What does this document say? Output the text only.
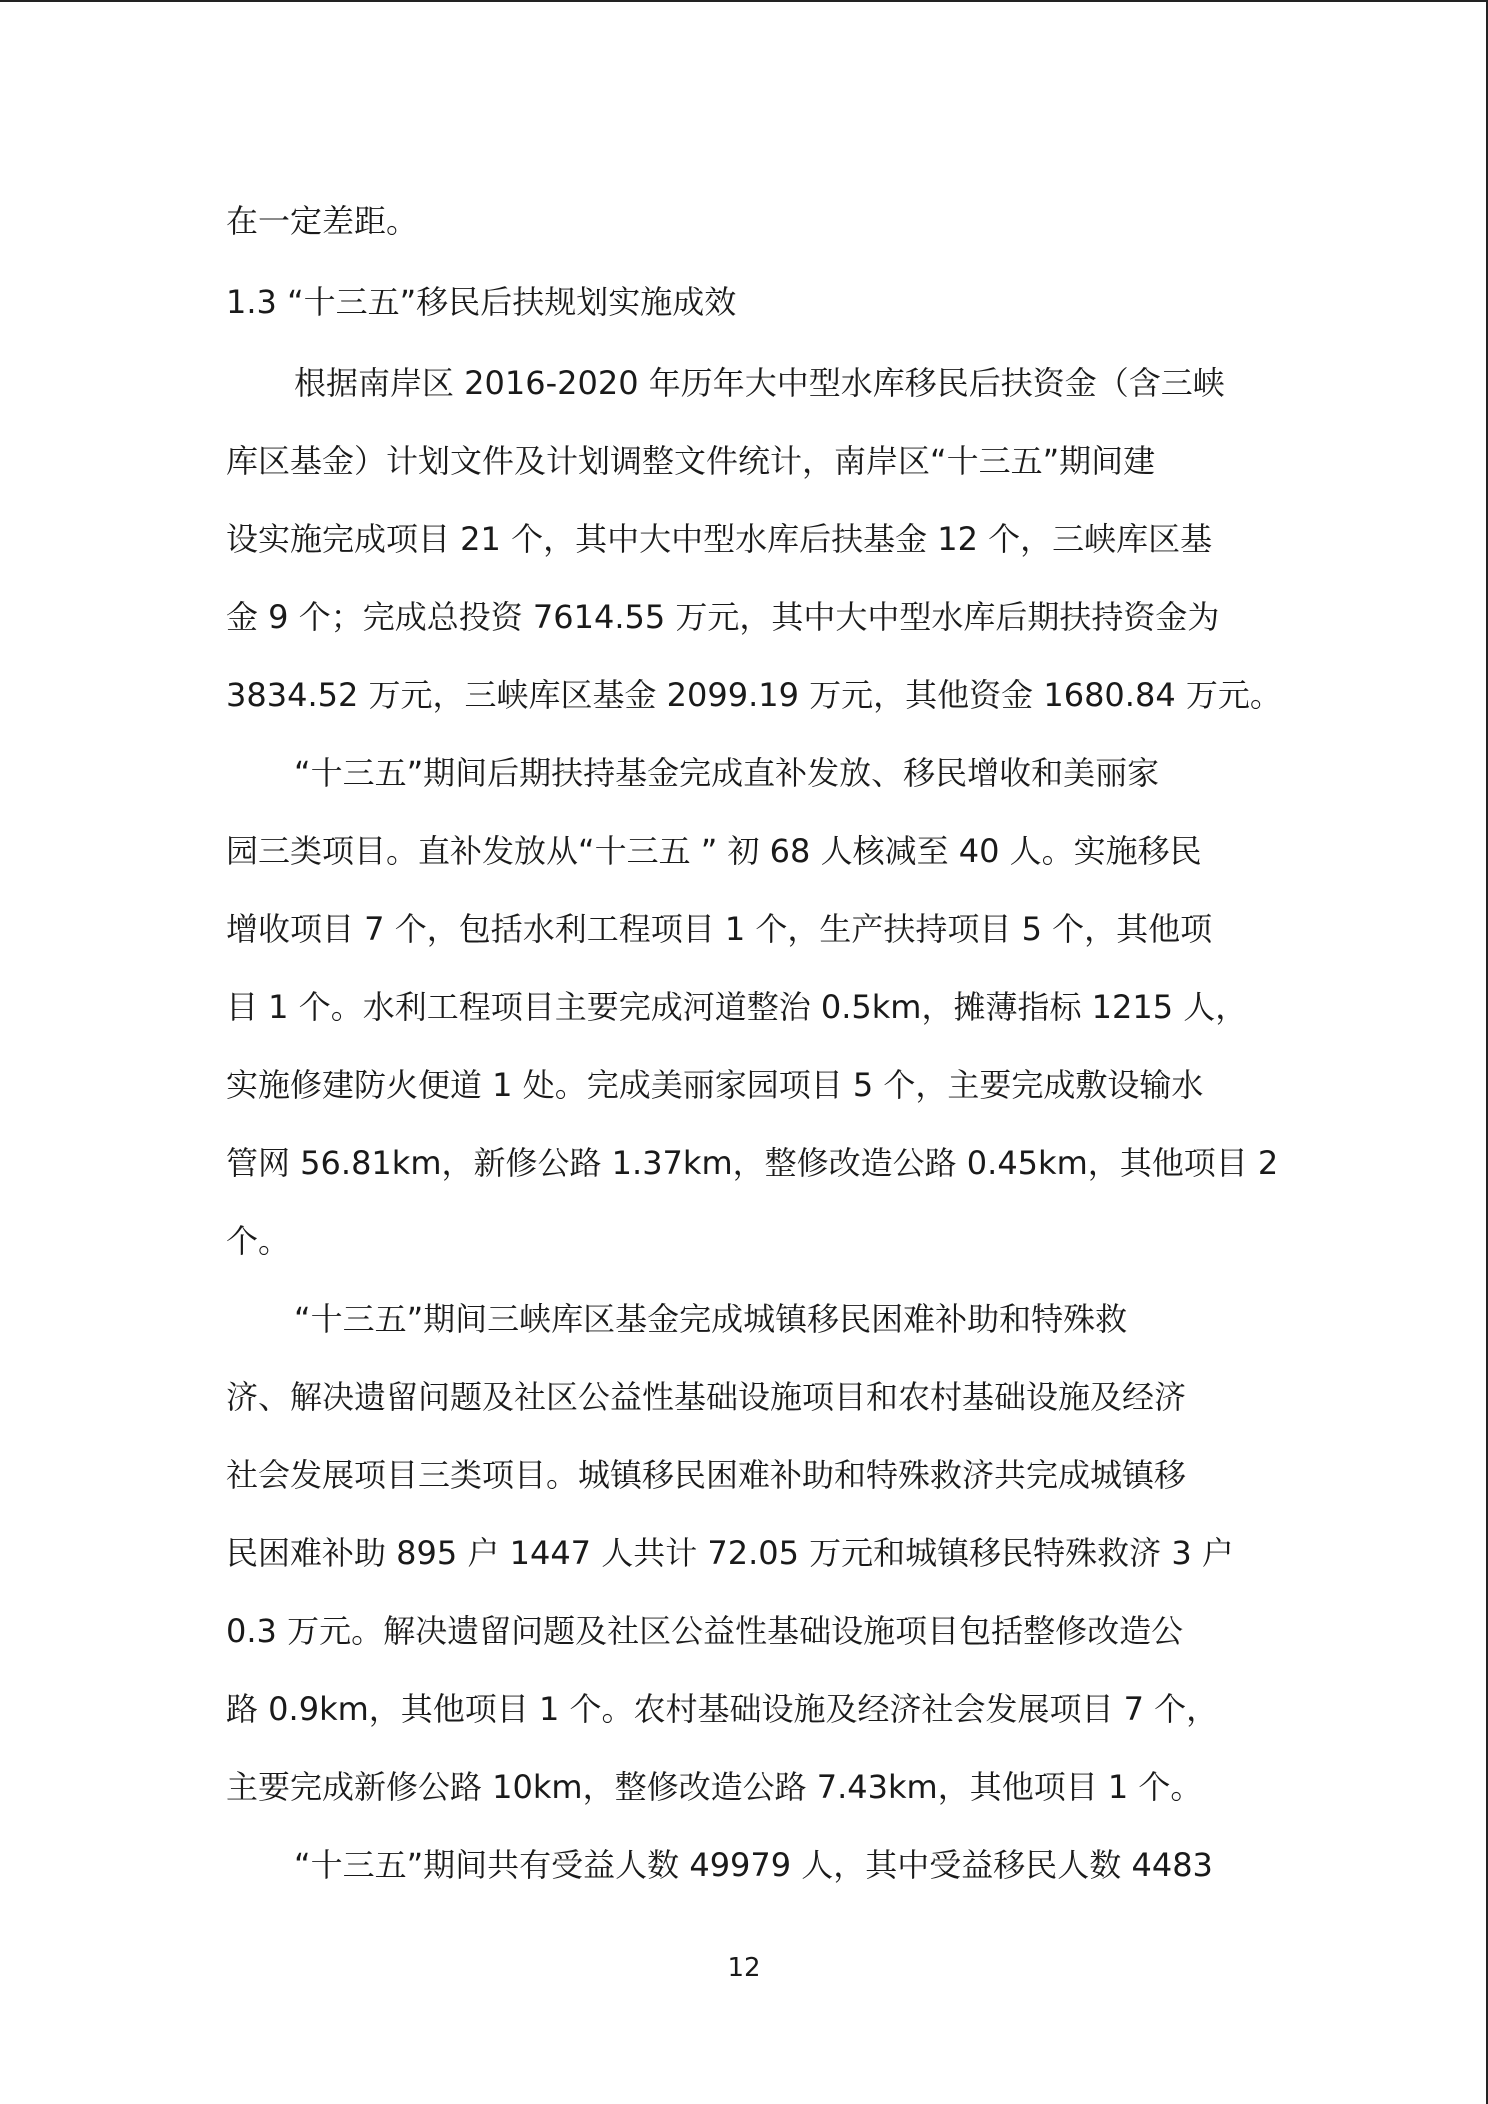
在一定差距。
1.3 “十三五”移民后扶规划实施成效
根据南岸区 2016-2020 年历年大中型水库移民后扶资金（含三峡
库区基金）计划文件及计划调整文件统计，南岸区“十三五”期间建
设实施完成项目 21 个，其中大中型水库后扶基金 12 个，三峡库区基
金 9 个；完成总投资 7614.55 万元，其中大中型水库后期扶持资金为
3834.52 万元，三峡库区基金 2099.19 万元，其他资金 1680.84 万元。
“十三五”期间后期扶持基金完成直补发放、移民增收和美丽家
园三类项目。直补发放从“十三五 ” 初 68 人核减至 40 人。实施移民
增收项目 7 个，包括水利工程项目 1 个，生产扶持项目 5 个，其他项
目 1 个。水利工程项目主要完成河道整治 0.5km，摊薄指标 1215 人，
实施修建防火便道 1 处。完成美丽家园项目 5 个，主要完成敷设输水
管网 56.81km，新修公路 1.37km，整修改造公路 0.45km，其他项目 2
个。
“十三五”期间三峡库区基金完成城镇移民困难补助和特殊救
济、解决遗留问题及社区公益性基础设施项目和农村基础设施及经济
社会发展项目三类项目。城镇移民困难补助和特殊救济共完成城镇移
民困难补助 895 户 1447 人共计 72.05 万元和城镇移民特殊救济 3 户
0.3 万元。解决遗留问题及社区公益性基础设施项目包括整修改造公
路 0.9km，其他项目 1 个。农村基础设施及经济社会发展项目 7 个，
主要完成新修公路 10km，整修改造公路 7.43km，其他项目 1 个。
“十三五”期间共有受益人数 49979 人，其中受益移民人数 4483
12
